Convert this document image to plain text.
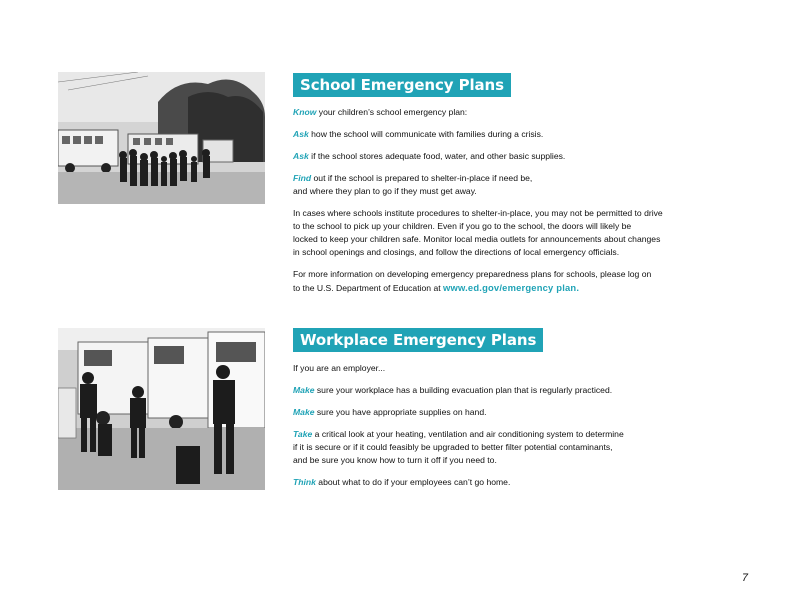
School Emergency Plans

Know your children’s school emergency plan:

Ask how the school will communicate with families during a crisis.

Ask if the school stores adequate food, water, and other basic supplies.

Find out if the school is prepared to shelter-in-place if need be,
and where they plan to go if they must get away.

In cases where schools institute procedures to shelter-in-place, you may not be permitted to drive
to the school to pick up your children. Even if you go to the school, the doors will likely be
locked to keep your children safe. Monitor local media outlets for announcements about changes
in school openings and closings, and follow the directions of local emergency officials.

For more information on developing emergency preparedness plans for schools, please log on
to the U.S. Department of Education at www.ed.gov/emergency plan.

Workplace Emergency Plans

If you are an employer...

Make sure your workplace has a building evacuation plan that is regularly practiced.

Make sure you have appropriate supplies on hand.

Take a critical look at your heating, ventilation and air conditioning system to determine
if it is secure or if it could feasibly be upgraded to better filter potential contaminants,
and be sure you know how to turn it off if you need to.

Think about what to do if your employees can’t go home.

7
